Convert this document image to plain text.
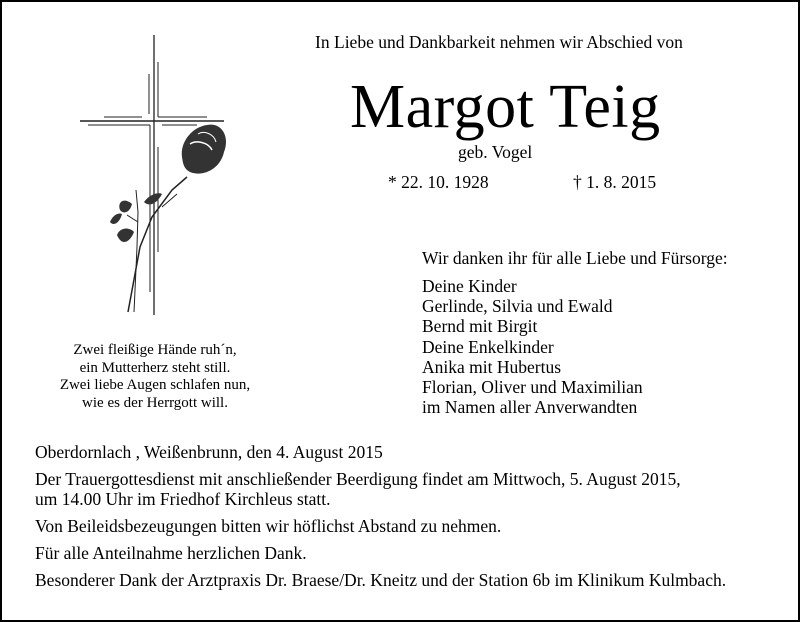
In Liebe und Dankbarkeit nehmen wir Abschied von
Margot Teig
geb. Vogel
* 22. 10. 1928	† 1. 8. 2015
Wir danken ihr für alle Liebe und Fürsorge:
Deine Kinder
Gerlinde, Silvia und Ewald
Bernd mit Birgit
Deine Enkelkinder
Anika mit Hubertus
Florian, Oliver und Maximilian
im Namen aller Anverwandten
Zwei fleißige Hände ruh´n,
ein Mutterherz steht still.
Zwei liebe Augen schlafen nun,
wie es der Herrgott will.

Oberdornlach , Weißenbrunn, den 4. August 2015

Der Trauergottesdienst mit anschließender Beerdigung findet am Mittwoch, 5. August 2015,
um 14.00 Uhr im Friedhof Kirchleus statt.

Von Beileidsbezeugungen bitten wir höflichst Abstand zu nehmen.

Für alle Anteilnahme herzlichen Dank.

Besonderer Dank der Arztpraxis Dr. Braese/Dr. Kneitz und der Station 6b im Klinikum Kulmbach.
